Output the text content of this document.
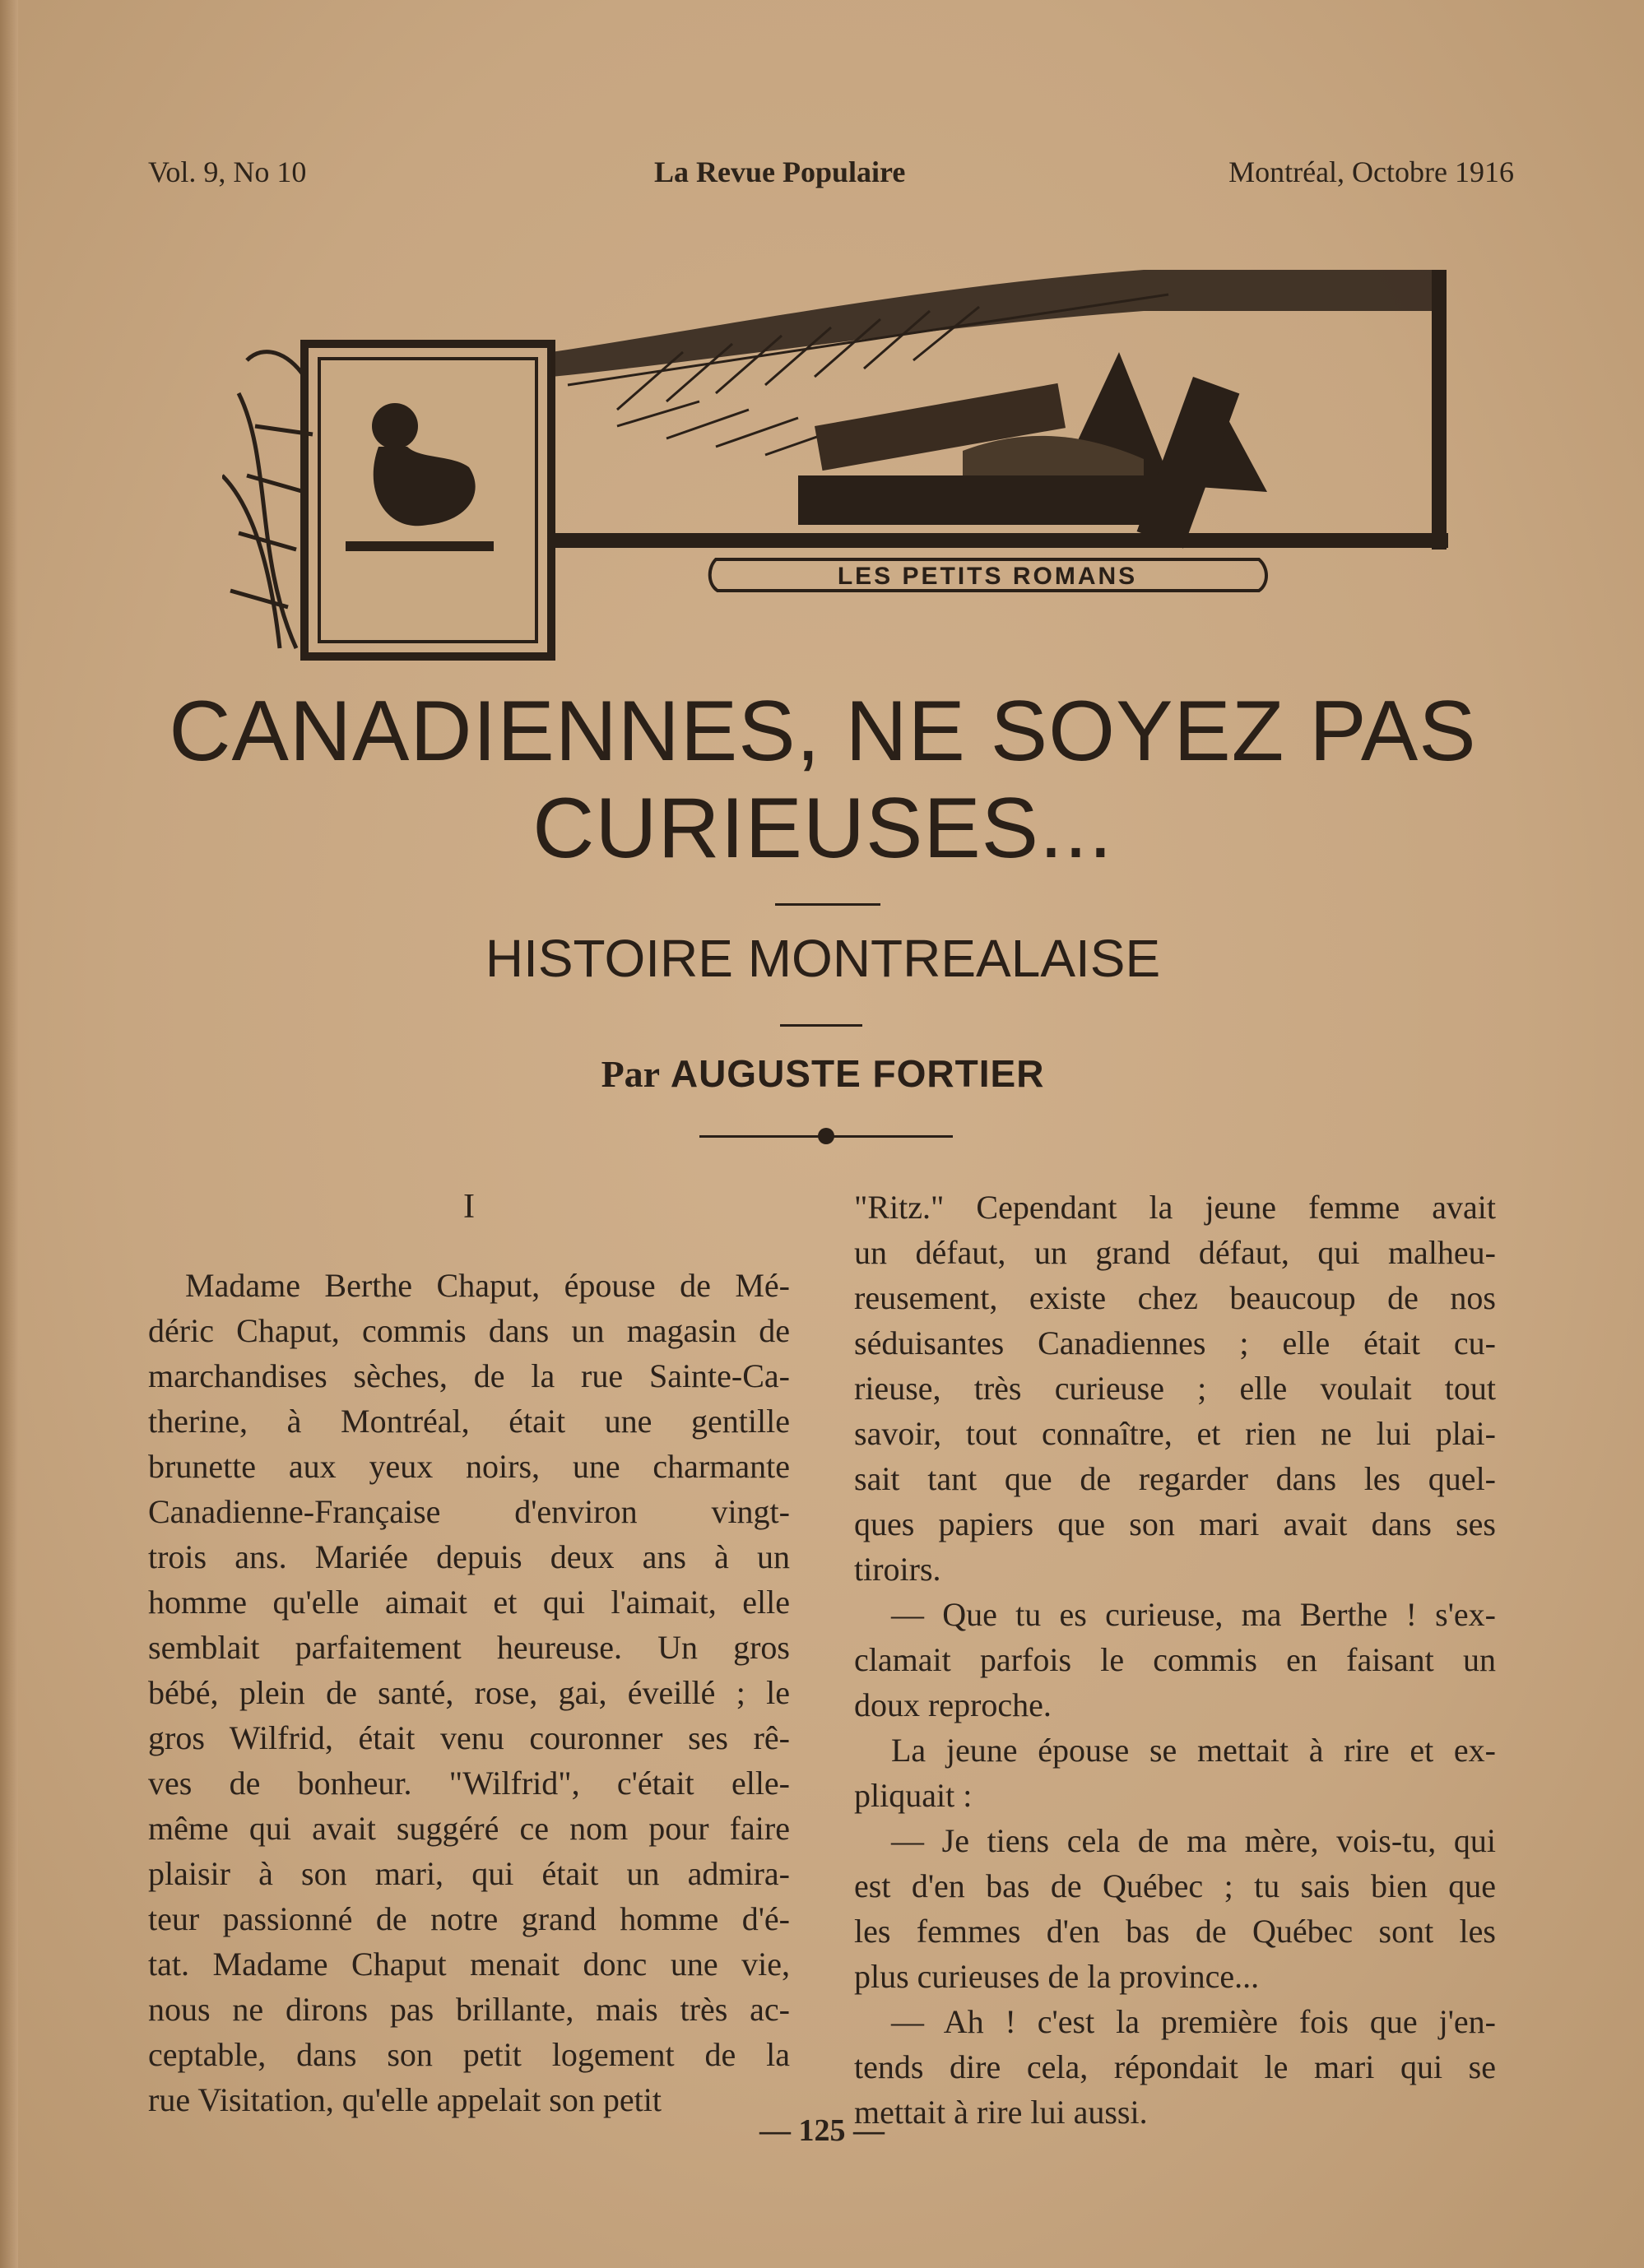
Vol. 9, No 10	La Revue Populaire	Montréal, Octobre 1916
LES PETITS ROMANS
CANADIENNES, NE SOYEZ PAS
CURIEUSES...
HISTOIRE MONTREALAISE
Par AUGUSTE FORTIER
I
Madame Berthe Chaput, épouse de Mé-
déric Chaput, commis dans un magasin de
marchandises sèches, de la rue Sainte-Ca-
therine, à Montréal, était une gentille
brunette aux yeux noirs, une charmante
Canadienne-Française d'environ vingt-
trois ans. Mariée depuis deux ans à un
homme qu'elle aimait et qui l'aimait, elle
semblait parfaitement heureuse. Un gros
bébé, plein de santé, rose, gai, éveillé ; le
gros Wilfrid, était venu couronner ses rê-
ves de bonheur. "Wilfrid", c'était elle-
même qui avait suggéré ce nom pour faire
plaisir à son mari, qui était un admira-
teur passionné de notre grand homme d'é-
tat. Madame Chaput menait donc une vie,
nous ne dirons pas brillante, mais très ac-
ceptable, dans son petit logement de la
rue Visitation, qu'elle appelait son petit
"Ritz." Cependant la jeune femme avait
un défaut, un grand défaut, qui malheu-
reusement, existe chez beaucoup de nos
séduisantes Canadiennes ; elle était cu-
rieuse, très curieuse ; elle voulait tout
savoir, tout connaître, et rien ne lui plai-
sait tant que de regarder dans les quel-
ques papiers que son mari avait dans ses
tiroirs.
— Que tu es curieuse, ma Berthe ! s'ex-
clamait parfois le commis en faisant un
doux reproche.
La jeune épouse se mettait à rire et ex-
pliquait :
— Je tiens cela de ma mère, vois-tu, qui
est d'en bas de Québec ; tu sais bien que
les femmes d'en bas de Québec sont les
plus curieuses de la province...
— Ah ! c'est la première fois que j'en-
tends dire cela, répondait le mari qui se
mettait à rire lui aussi.
— 125 —
